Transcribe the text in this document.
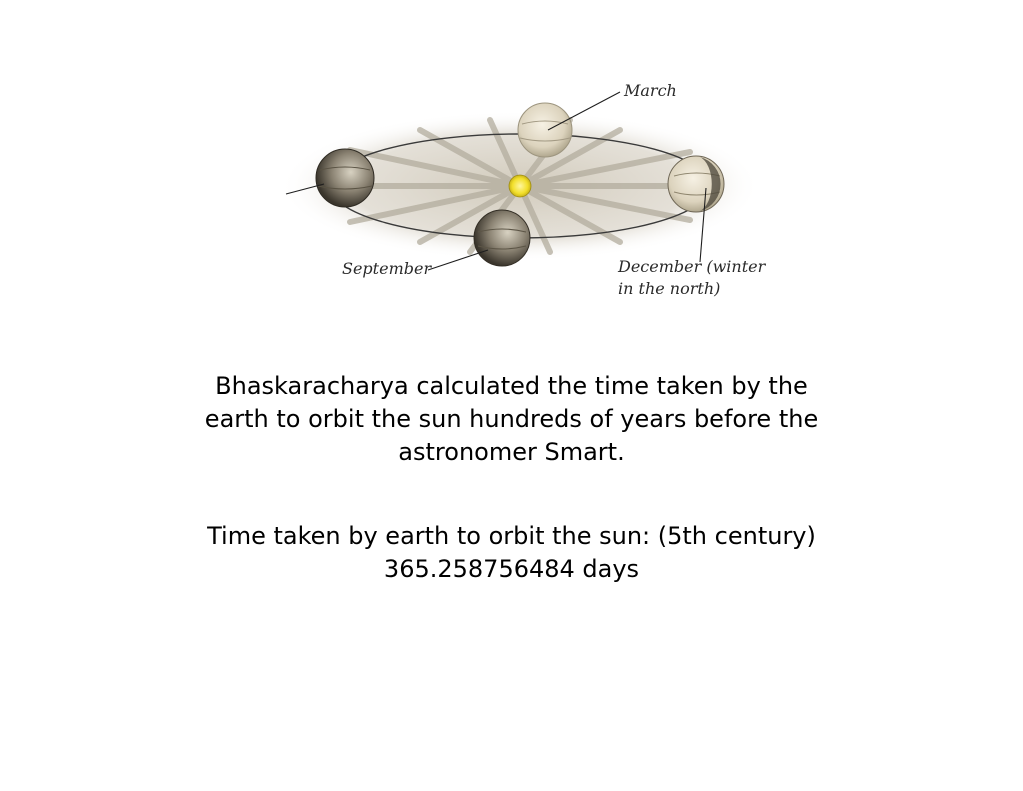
March
September	December (winter
in the north)
Bhaskaracharya calculated the time taken by the
earth to orbit the sun hundreds of years before the
astronomer Smart.
Time taken by earth to orbit the sun: (5th century)
365.258756484 days
